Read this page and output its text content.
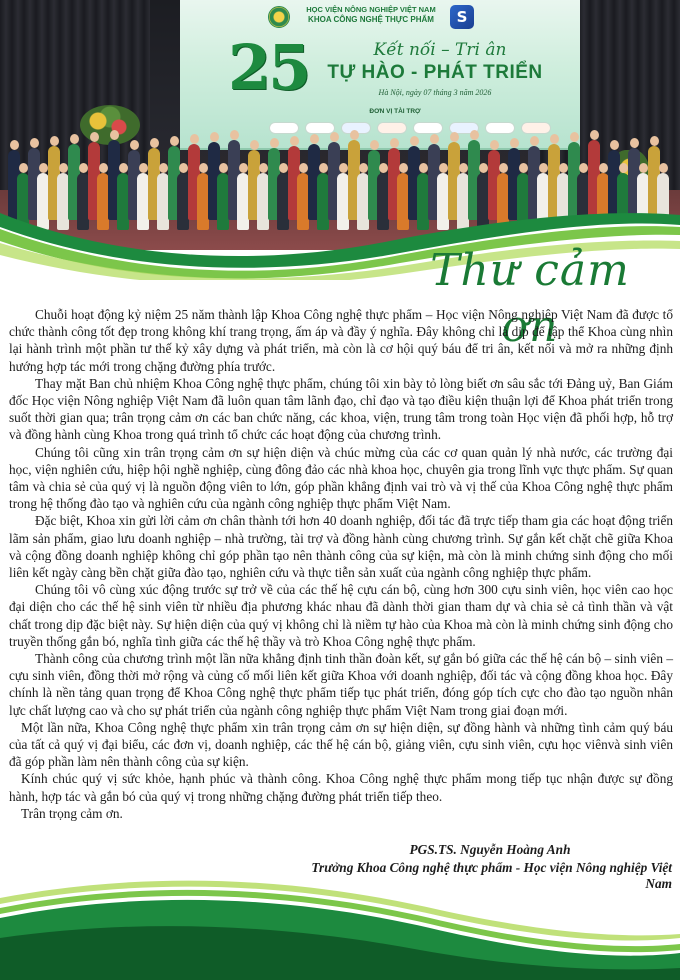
HỌC VIỆN NÔNG NGHIỆP VIỆT NAM
KHOA CÔNG NGHỆ THỰC PHẨM	S
25	Kết nối – Tri ân
TỰ HÀO - PHÁT TRIỂN
Hà Nội, ngày 07 tháng 3 năm 2026
ĐƠN VỊ TÀI TRỢ
Thư cảm ơn

Chuỗi hoạt động kỷ niệm 25 năm thành lập Khoa Công nghệ thực phẩm – Học viện Nông nghiệp Việt Nam đã được tổ chức thành công tốt đẹp trong không khí trang trọng, ấm áp và đầy ý nghĩa. Đây không chỉ là dịp để tập thể Khoa cùng nhìn lại hành trình một phần tư thế kỷ xây dựng và phát triển, mà còn là cơ hội quý báu để tri ân, kết nối và mở ra những định hướng hợp tác mới trong chặng đường phía trước.

Thay mặt Ban chủ nhiệm Khoa Công nghệ thực phẩm, chúng tôi xin bày tỏ lòng biết ơn sâu sắc tới Đảng uỷ, Ban Giám đốc Học viện Nông nghiệp Việt Nam đã luôn quan tâm lãnh đạo, chỉ đạo và tạo điều kiện thuận lợi để Khoa phát triển trong suốt thời gian qua; trân trọng cảm ơn các ban chức năng, các khoa, viện, trung tâm trong toàn Học viện đã phối hợp, hỗ trợ và đồng hành cùng Khoa trong quá trình tổ chức các hoạt động của chương trình.

Chúng tôi cũng xin trân trọng cảm ơn sự hiện diện và chúc mừng của các cơ quan quản lý nhà nước, các trường đại học, viện nghiên cứu, hiệp hội nghề nghiệp, cùng đông đảo các nhà khoa học, chuyên gia trong lĩnh vực thực phẩm. Sự quan tâm và chia sẻ của quý vị là nguồn động viên to lớn, góp phần khẳng định vai trò và vị thế của Khoa Công nghệ thực phẩm trong hệ thống đào tạo và nghiên cứu của ngành công nghiệp thực phẩm Việt Nam.

Đặc biệt, Khoa xin gửi lời cảm ơn chân thành tới hơn 40 doanh nghiệp, đối tác đã trực tiếp tham gia các hoạt động triển lãm sản phẩm, giao lưu doanh nghiệp – nhà trường, tài trợ và đồng hành cùng chương trình. Sự gắn kết chặt chẽ giữa Khoa và cộng đồng doanh nghiệp không chỉ góp phần tạo nên thành công của sự kiện, mà còn là minh chứng sinh động cho mối liên kết ngày càng bền chặt giữa đào tạo, nghiên cứu và thực tiễn sản xuất của ngành công nghiệp thực phẩm.

Chúng tôi vô cùng xúc động trước sự trở về của các thế hệ cựu cán bộ, cùng hơn 300 cựu sinh viên, học viên cao học đại diện cho các thế hệ sinh viên từ nhiều địa phương khác nhau đã dành thời gian tham dự và chia sẻ cả tình thần và vật chất trong dịp đặc biệt này. Sự hiện diện của quý vị không chỉ là niềm tự hào của Khoa mà còn là minh chứng sinh động cho truyền thống gắn bó, nghĩa tình giữa các thế hệ thầy và trò Khoa Công nghệ thực phẩm.

Thành công của chương trình một lần nữa khẳng định tinh thần đoàn kết, sự gắn bó giữa các thế hệ cán bộ – sinh viên – cựu sinh viên, đồng thời mở rộng và củng cố mối liên kết giữa Khoa với doanh nghiệp, đối tác và cộng đồng khoa học. Đây chính là nền tảng quan trọng để Khoa Công nghệ thực phẩm tiếp tục phát triển, đóng góp tích cực cho đào tạo nguồn nhân lực chất lượng cao và cho sự phát triển của ngành công nghiệp thực phẩm Việt Nam trong giai đoạn mới.

Một lần nữa, Khoa Công nghệ thực phẩm xin trân trọng cảm ơn sự hiện diện, sự đồng hành và những tình cảm quý báu của tất cả quý vị đại biểu, các đơn vị, doanh nghiệp, các thế hệ cán bộ, giảng viên, cựu sinh viên, cựu học viênvà sinh viên đã góp phần làm nên thành công của sự kiện.

Kính chúc quý vị sức khỏe, hạnh phúc và thành công. Khoa Công nghệ thực phẩm mong tiếp tục nhận được sự đồng hành, hợp tác và gắn bó của quý vị trong những chặng đường phát triển tiếp theo.

Trân trọng cảm ơn.

PGS.TS. Nguyễn Hoàng Anh
Trưởng Khoa Công nghệ thực phẩm - Học viện Nông nghiệp Việt Nam
